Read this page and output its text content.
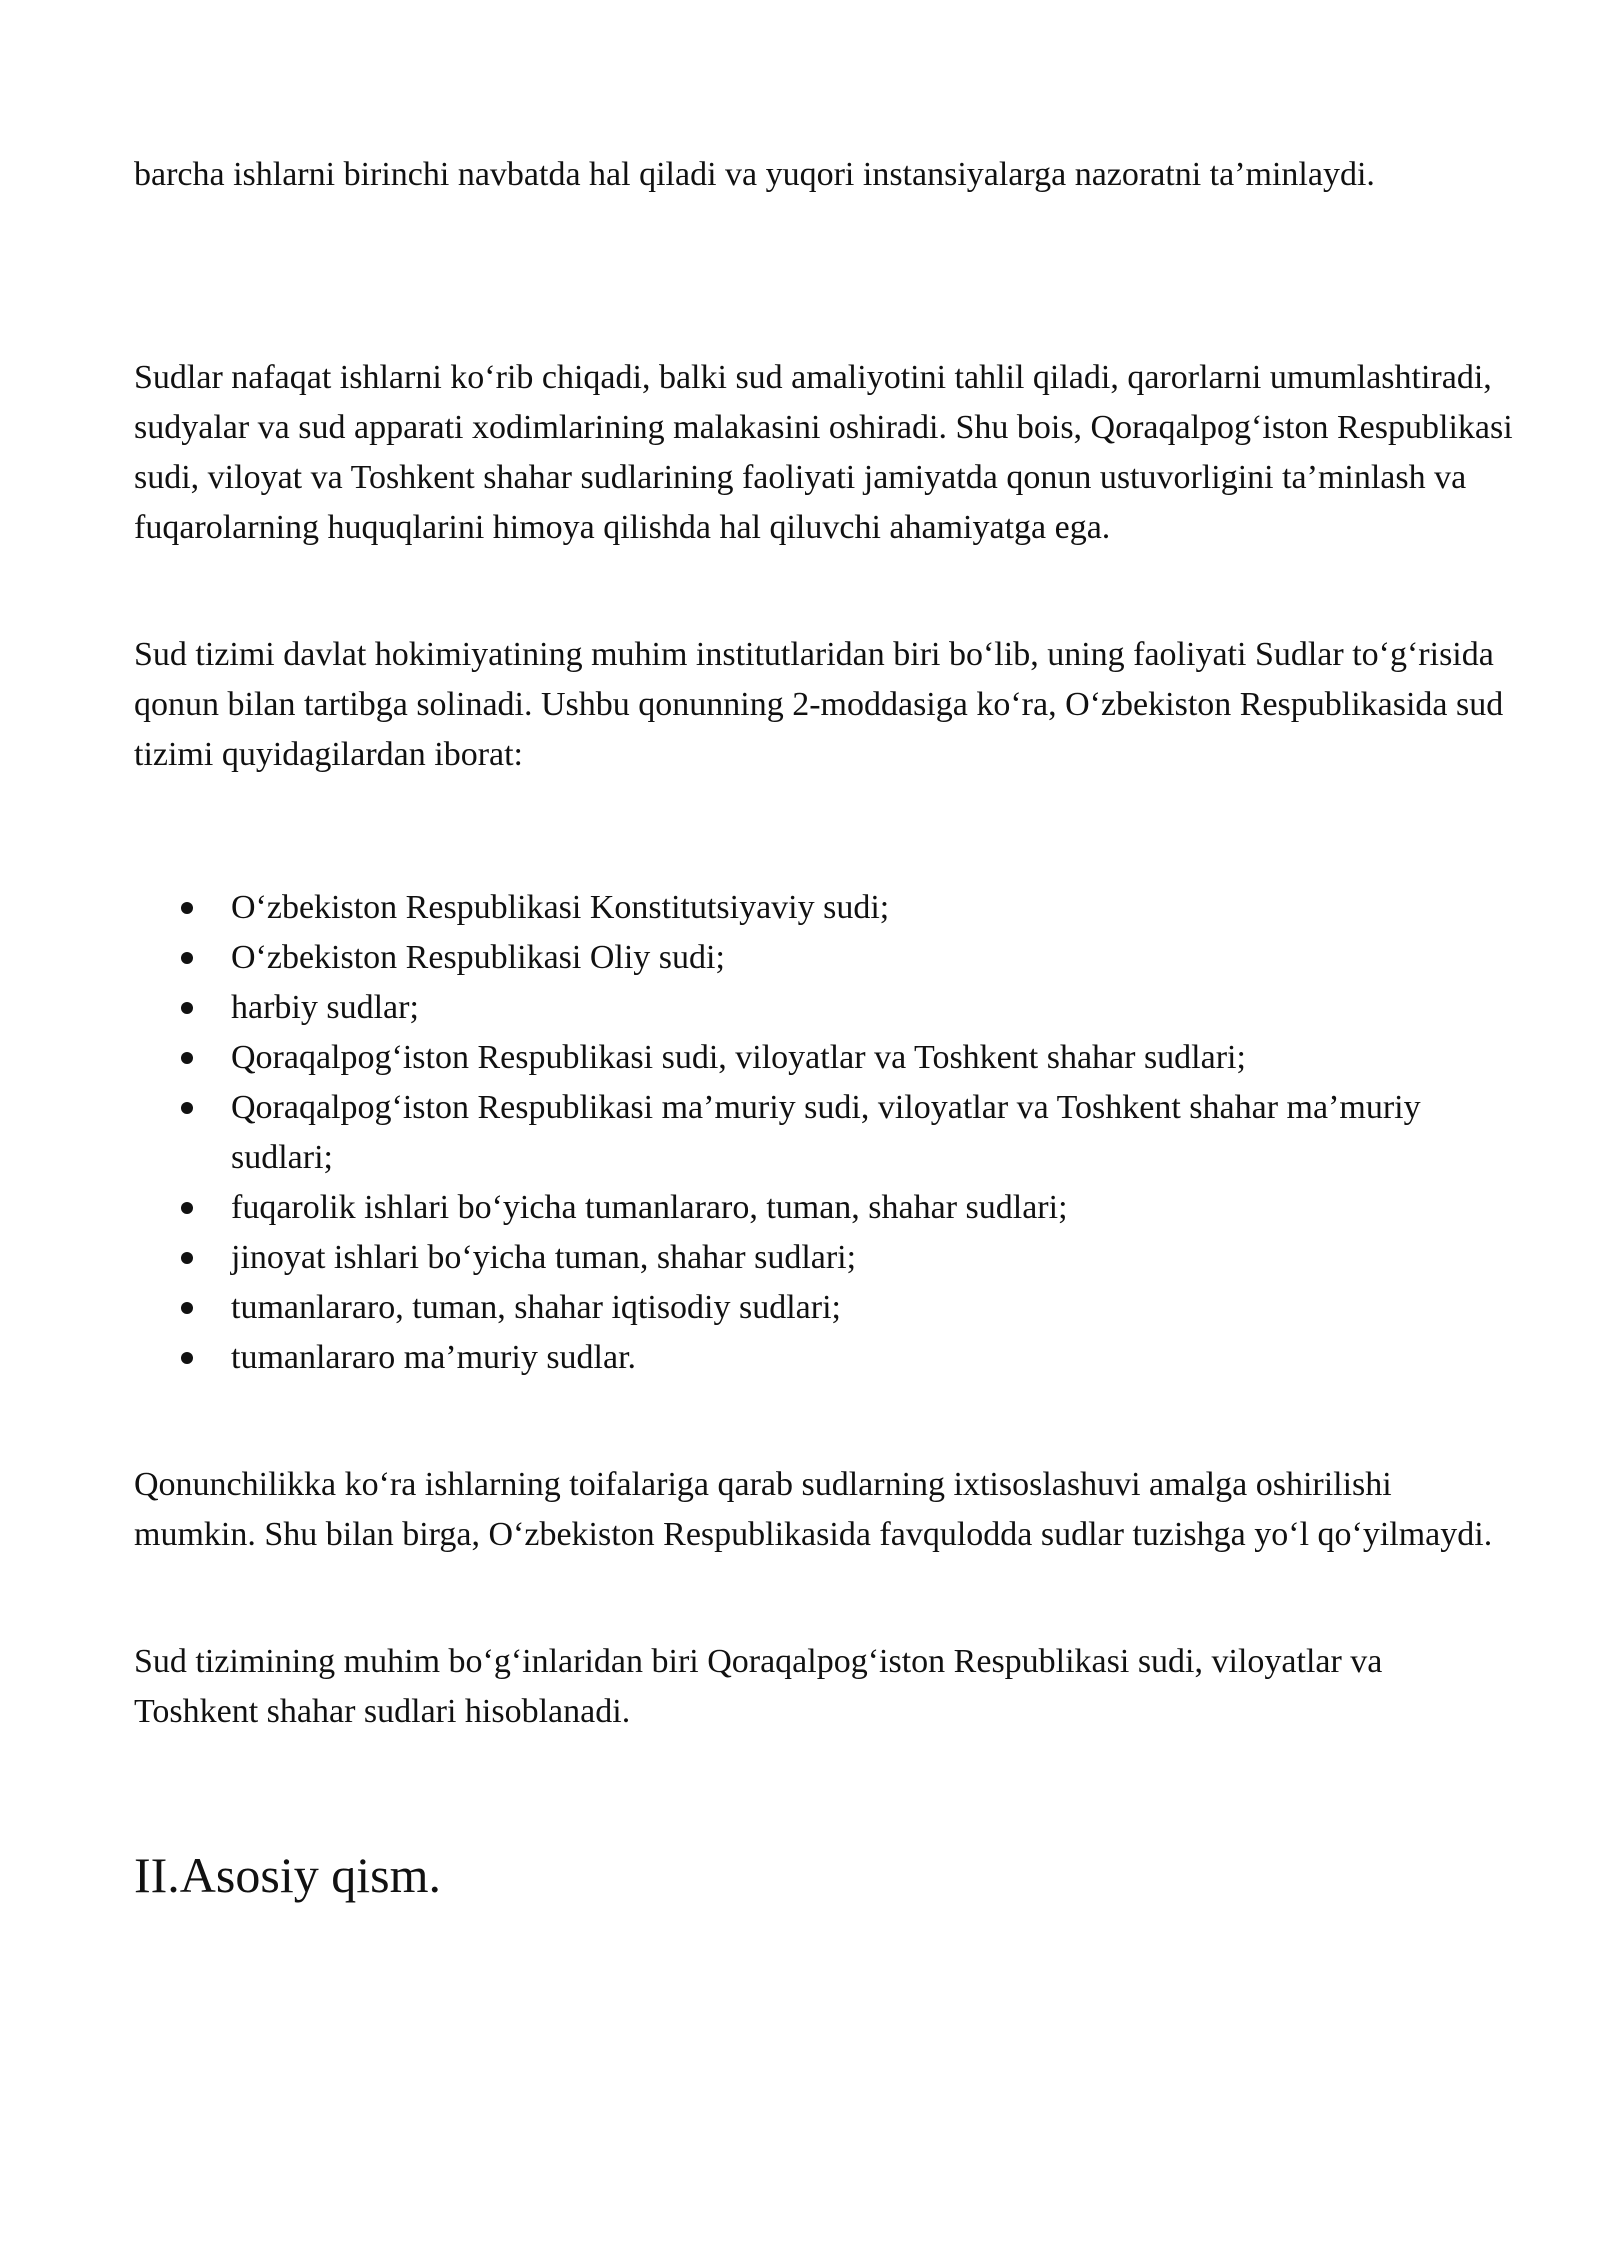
barcha ishlarni birinchi navbatda hal qiladi va yuqori instansiyalarga nazoratni ta’minlaydi.

Sudlar nafaqat ishlarni ko‘rib chiqadi, balki sud amaliyotini tahlil qiladi, qarorlarni umumlashtiradi, sudyalar va sud apparati xodimlarining malakasini oshiradi. Shu bois, Qoraqalpog‘iston Respublikasi sudi, viloyat va Toshkent shahar sudlarining faoliyati jamiyatda qonun ustuvorligini ta’minlash va fuqarolarning huquqlarini himoya qilishda hal qiluvchi ahamiyatga ega.

Sud tizimi davlat hokimiyatining muhim institutlaridan biri bo‘lib, uning faoliyati Sudlar to‘g‘risida qonun bilan tartibga solinadi. Ushbu qonunning 2-moddasiga ko‘ra, O‘zbekiston Respublikasida sud tizimi quyidagilardan iborat:

O‘zbekiston Respublikasi Konstitutsiyaviy sudi;
O‘zbekiston Respublikasi Oliy sudi;
harbiy sudlar;
Qoraqalpog‘iston Respublikasi sudi, viloyatlar va Toshkent shahar sudlari;
Qoraqalpog‘iston Respublikasi ma’muriy sudi, viloyatlar va Toshkent shahar ma’muriy sudlari;
fuqarolik ishlari bo‘yicha tumanlararo, tuman, shahar sudlari;
jinoyat ishlari bo‘yicha tuman, shahar sudlari;
tumanlararo, tuman, shahar iqtisodiy sudlari;
tumanlararo ma’muriy sudlar.

Qonunchilikka ko‘ra ishlarning toifalariga qarab sudlarning ixtisoslashuvi amalga oshirilishi mumkin. Shu bilan birga, O‘zbekiston Respublikasida favqulodda sudlar tuzishga yo‘l qo‘yilmaydi.

Sud tizimining muhim bo‘g‘inlaridan biri Qoraqalpog‘iston Respublikasi sudi, viloyatlar va Toshkent shahar sudlari hisoblanadi.

II.Asosiy qism.
